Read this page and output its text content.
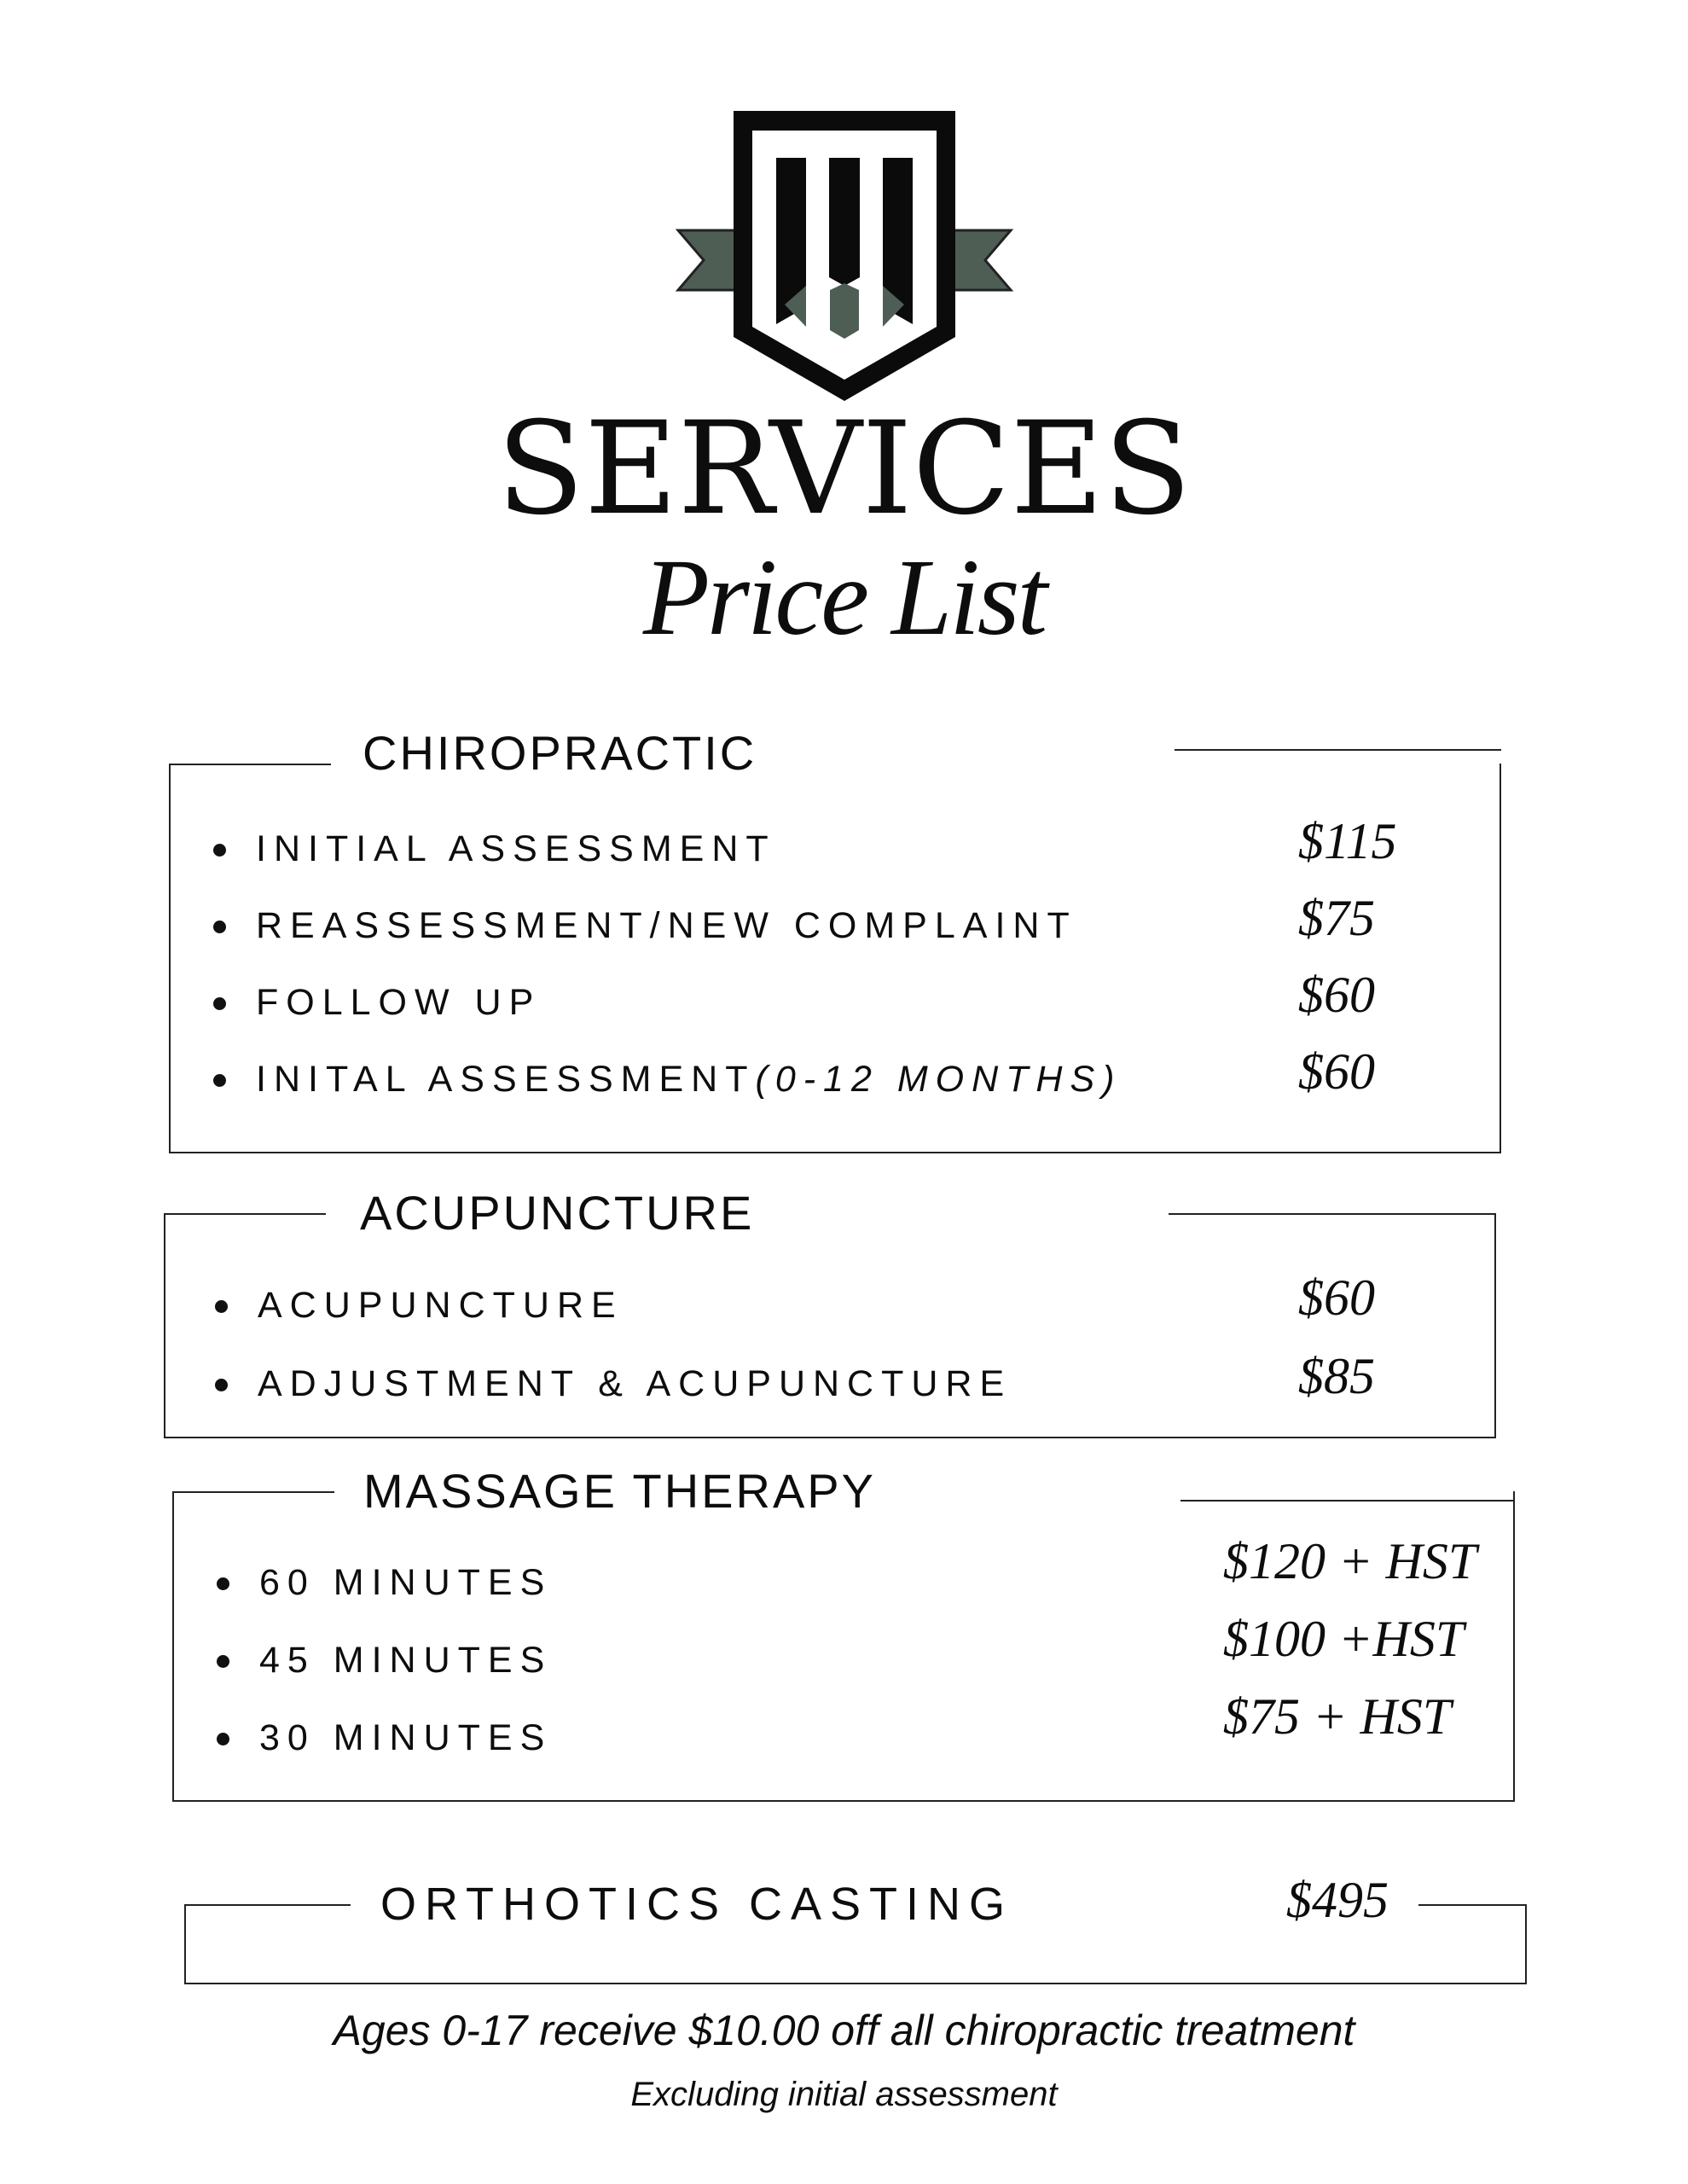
SERVICES
Price List
CHIROPRACTIC
INITIAL ASSESSMENT	$115
REASSESSMENT/NEW COMPLAINT	$75
FOLLOW UP	$60
INITAL ASSESSMENT(0-12 MONTHS)	$60
ACUPUNCTURE
ACUPUNCTURE	$60
ADJUSTMENT & ACUPUNCTURE	$85
MASSAGE THERAPY
60 MINUTES	$120 + HST
45 MINUTES	$100 +HST
30 MINUTES	$75 + HST
ORTHOTICS CASTING	$495
Ages 0-17 receive $10.00 off all chiropractic treatment
Excluding initial assessment
